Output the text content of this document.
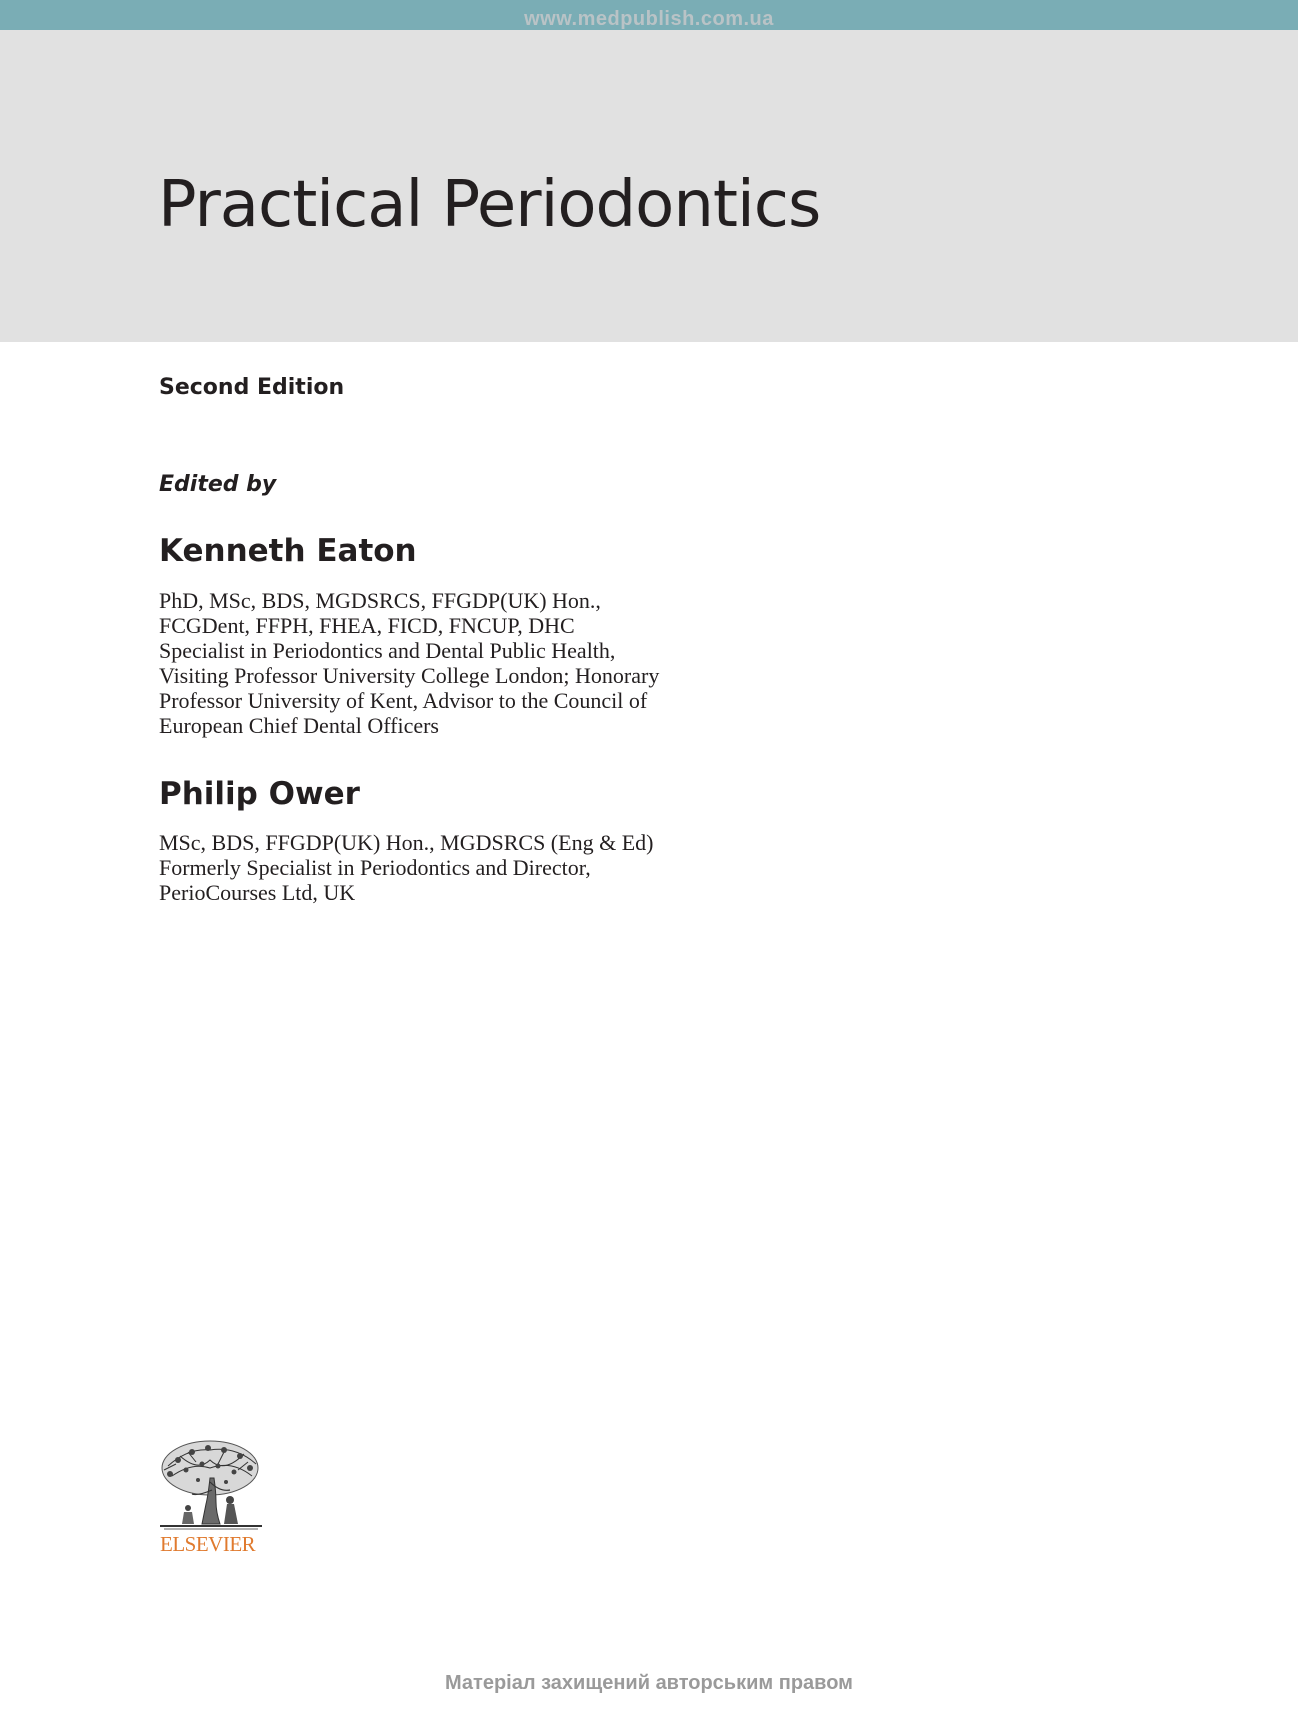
www.medpublish.com.ua
Practical Periodontics
Second Edition
Edited by
Kenneth Eaton
PhD, MSc, BDS, MGDSRCS, FFGDP(UK) Hon.,
FCGDent, FFPH, FHEA, FICD, FNCUP, DHC
Specialist in Periodontics and Dental Public Health,
Visiting Professor University College London; Honorary
Professor University of Kent, Advisor to the Council of
European Chief Dental Officers
Philip Ower
MSc, BDS, FFGDP(UK) Hon., MGDSRCS (Eng & Ed)
Formerly Specialist in Periodontics and Director,
PerioCourses Ltd, UK
ELSEVIER
Матеріал захищений авторським правом
